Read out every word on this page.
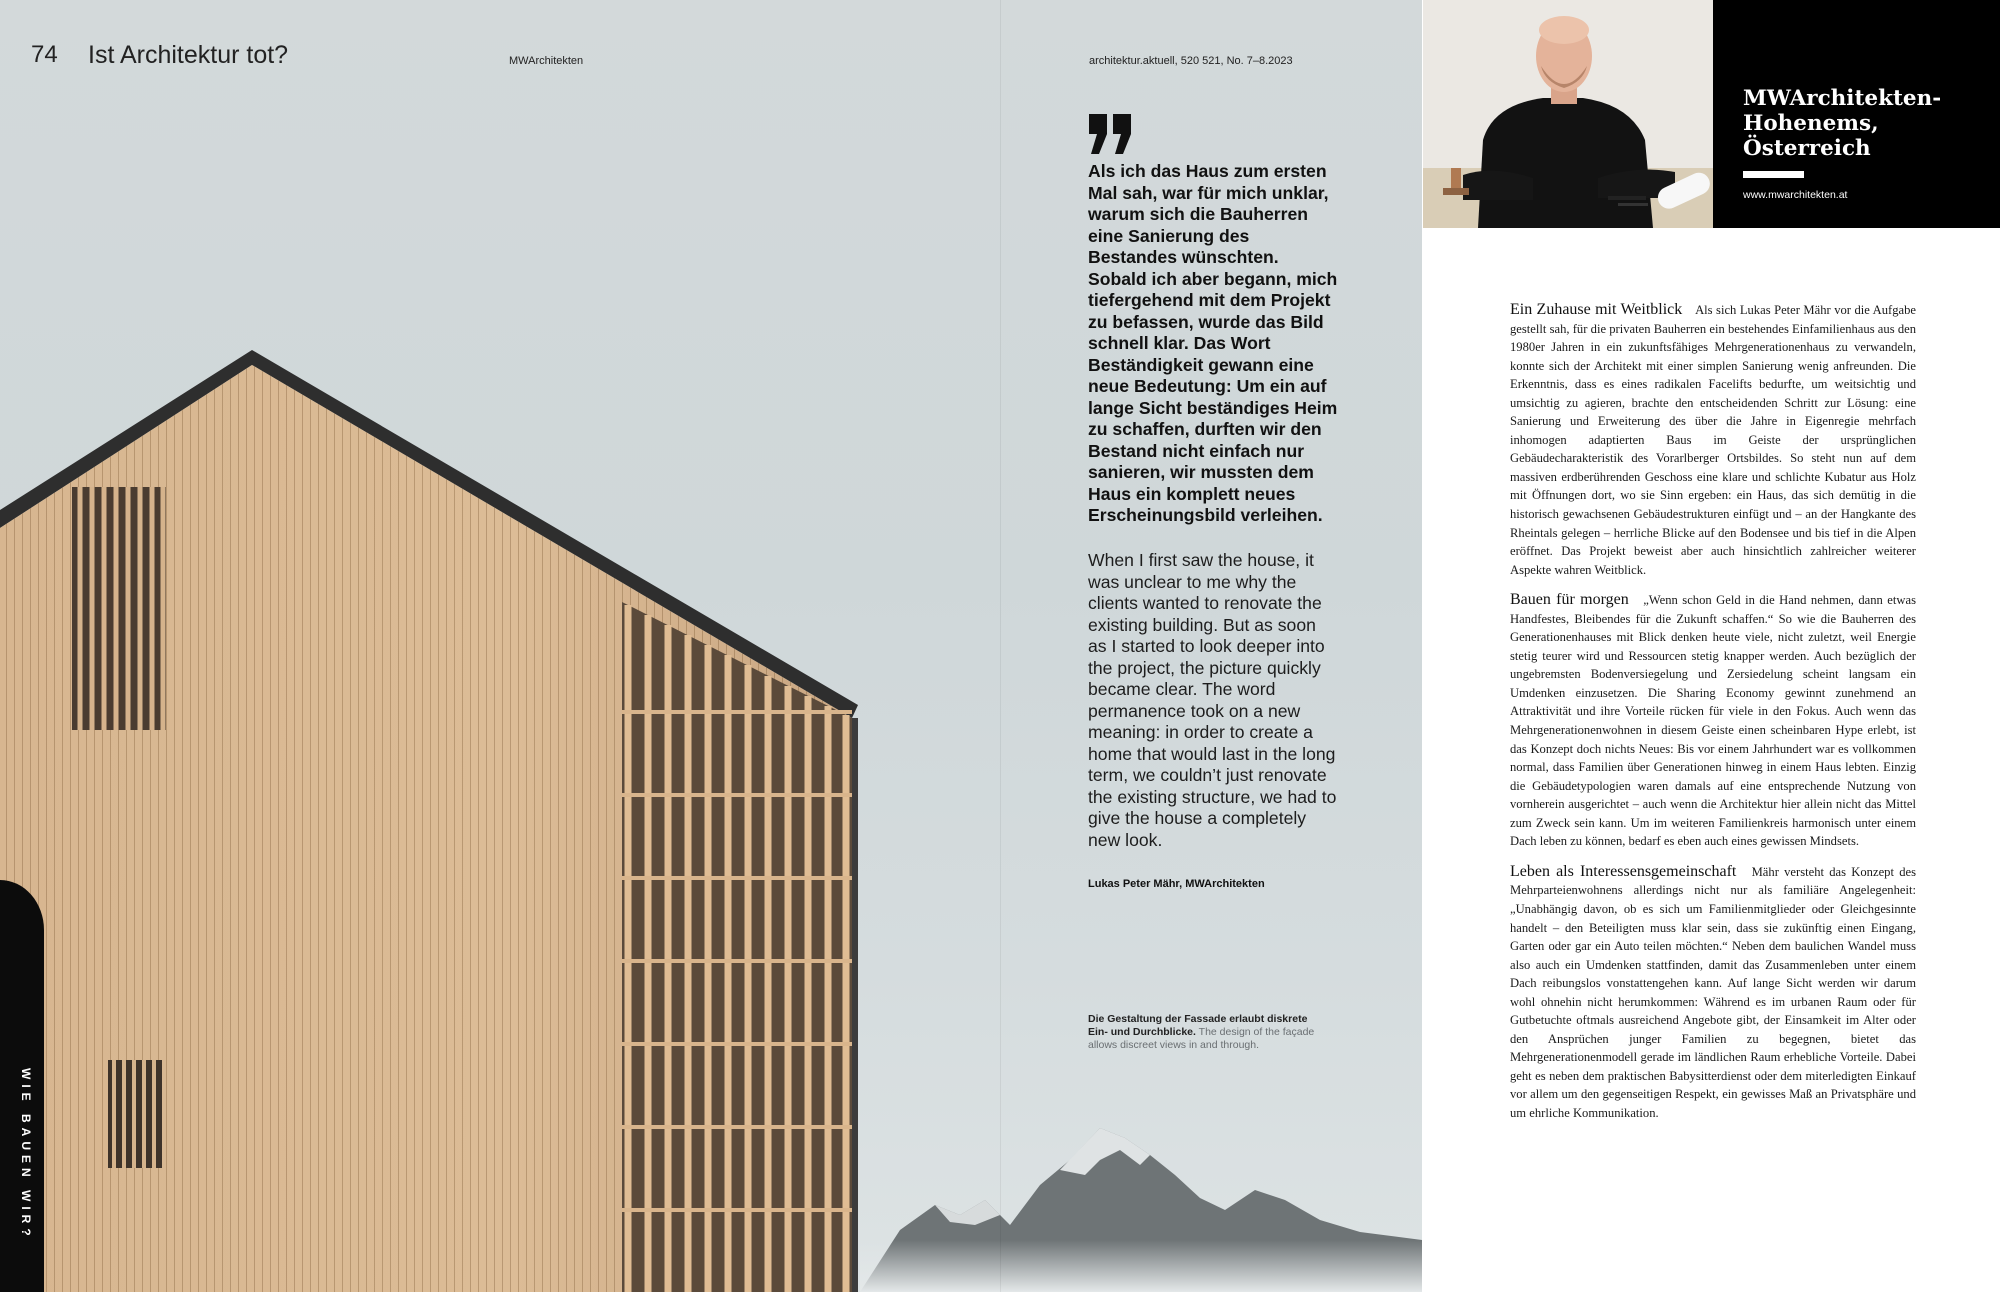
74 Ist Architektur tot?	MWArchitekten	architektur.aktuell, 520 521, No. 7–8.2023

Als ich das Haus zum ersten Mal sah, war für mich unklar, warum sich die Bauherren eine Sanierung des Bestandes wünschten. Sobald ich aber begann, mich tiefergehend mit dem Projekt zu befassen, wurde das Bild schnell klar. Das Wort Beständigkeit gewann eine neue Bedeutung: Um ein auf lange Sicht beständiges Heim zu schaffen, durften wir den Bestand nicht einfach nur sanieren, wir mussten dem Haus ein komplett neues Erscheinungsbild verleihen.

When I first saw the house, it was unclear to me why the clients wanted to renovate the existing building. But as soon as I started to look deeper into the project, the picture quickly became clear. The word permanence took on a new meaning: in order to create a home that would last in the long term, we couldn’t just renovate the existing structure, we had to give the house a completely new look.

Lukas Peter Mähr, MWArchitekten
Die Gestaltung der Fassade erlaubt diskrete Ein- und Durchblicke. The design of the façade allows discreet views in and through.
WIE BAUEN WIR?

MWArchitekten-
Hohenems,
Österreich

www.mwarchitekten.at

Ein Zuhause mit Weitblick Als sich Lukas Peter Mähr vor die Aufgabe gestellt sah, für die privaten Bauherren ein bestehendes Einfamilienhaus aus den 1980er Jahren in ein zukunftsfähiges Mehrgenerationenhaus zu verwandeln, konnte sich der Architekt mit einer simplen Sanierung wenig anfreunden. Die Erkenntnis, dass es eines radikalen Facelifts bedurfte, um weitsichtig und umsichtig zu agieren, brachte den entscheidenden Schritt zur Lösung: eine Sanierung und Erweiterung des über die Jahre in Eigenregie mehrfach inhomogen adaptierten Baus im Geiste der ursprünglichen Gebäudecharakteristik des Vorarlberger Ortsbildes. So steht nun auf dem massiven erdberührenden Geschoss eine klare und schlichte Kubatur aus Holz mit Öffnungen dort, wo sie Sinn ergeben: ein Haus, das sich demütig in die historisch gewachsenen Gebäudestrukturen einfügt und – an der Hangkante des Rheintals gelegen – herrliche Blicke auf den Bodensee und bis tief in die Alpen eröffnet. Das Projekt beweist aber auch hinsichtlich zahlreicher weiterer Aspekte wahren Weitblick.

Bauen für morgen „Wenn schon Geld in die Hand nehmen, dann etwas Handfestes, Bleibendes für die Zukunft schaffen.“ So wie die Bauherren des Generationenhauses mit Blick denken heute viele, nicht zuletzt, weil Energie stetig teurer wird und Ressourcen stetig knapper werden. Auch bezüglich der ungebremsten Bodenversiegelung und Zersiedelung scheint langsam ein Umdenken einzusetzen. Die Sharing Economy gewinnt zunehmend an Attraktivität und ihre Vorteile rücken für viele in den Fokus. Auch wenn das Mehrgenerationenwohnen in diesem Geiste einen scheinbaren Hype erlebt, ist das Konzept doch nichts Neues: Bis vor einem Jahrhundert war es vollkommen normal, dass Familien über Generationen hinweg in einem Haus lebten. Einzig die Gebäudetypologien waren damals auf eine entsprechende Nutzung von vornherein ausgerichtet – auch wenn die Architektur hier allein nicht das Mittel zum Zweck sein kann. Um im weiteren Familienkreis harmonisch unter einem Dach leben zu können, bedarf es eben auch eines gewissen Mindsets.

Leben als Interessensgemeinschaft Mähr versteht das Konzept des Mehrparteienwohnens allerdings nicht nur als familiäre Angelegenheit: „Unabhängig davon, ob es sich um Familienmitglieder oder Gleichgesinnte handelt – den Beteiligten muss klar sein, dass sie zukünftig einen Eingang, Garten oder gar ein Auto teilen möchten.“ Neben dem baulichen Wandel muss also auch ein Umdenken stattfinden, damit das Zusammenleben unter einem Dach reibungslos vonstattengehen kann. Auf lange Sicht werden wir darum wohl ohnehin nicht herumkommen: Während es im urbanen Raum oder für Gutbetuchte oftmals ausreichend Angebote gibt, der Einsamkeit im Alter oder den Ansprüchen junger Familien zu begegnen, bietet das Mehrgenerationenmodell gerade im ländlichen Raum erhebliche Vorteile. Dabei geht es neben dem praktischen Babysitterdienst oder dem miterledigten Einkauf vor allem um den gegenseitigen Respekt, ein gewisses Maß an Privatsphäre und um ehrliche Kommunikation.
